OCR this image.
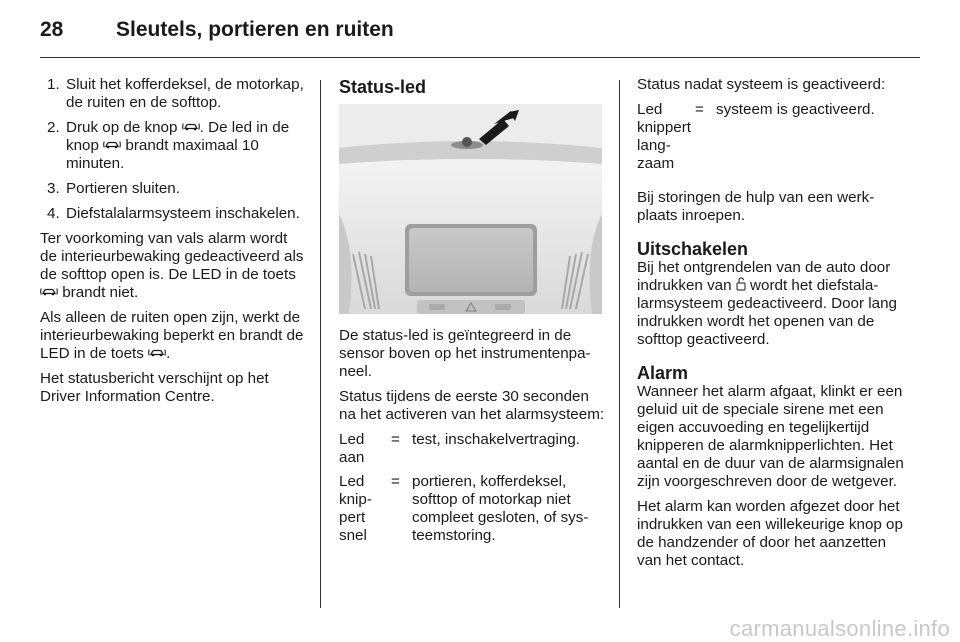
28	Sleutels, portieren en ruiten
1. Sluit het kofferdeksel, de motorkap, de ruiten en de softtop.
2. Druk op de knop . De led in de knop brandt maximaal 10 minuten.
3. Portieren sluiten.
4. Diefstalalarmsysteem inschakelen.

Ter voorkoming van vals alarm wordt de interieurbewaking gedeactiveerd als de softtop open is. De LED in de toets  brandt niet.

Als alleen de ruiten open zijn, werkt de interieurbewaking beperkt en brandt de LED in de toets .

Het statusbericht verschijnt op het Driver Information Centre.

Status-led

De status-led is geïntegreerd in de sensor boven op het instrumentenpaneel.

Status tijdens de eerste 30 seconden na het activeren van het alarmsysteem:

Led aan
= test, inschakelvertraging.
Led knippert snel
= portieren, kofferdeksel, softtop of motorkap niet compleet gesloten, of systeemstoring.

Status nadat systeem is geactiveerd:

Led knippert langzaam
= systeem is geactiveerd.

Bij storingen de hulp van een werkplaats inroepen.

Uitschakelen

Bij het ontgrendelen van de auto door indrukken van wordt het diefstalalarmsysteem gedeactiveerd. Door lang indrukken wordt het openen van de softtop geactiveerd.

Alarm

Wanneer het alarm afgaat, klinkt er een geluid uit de speciale sirene met een eigen accuvoeding en tegelijkertijd knipperen de alarmknipperlichten. Het aantal en de duur van de alarmsignalen zijn voorgeschreven door de wetgever.

Het alarm kan worden afgezet door het indrukken van een willekeurige knop op de handzender of door het aanzetten van het contact.

carmanualsonline.info
